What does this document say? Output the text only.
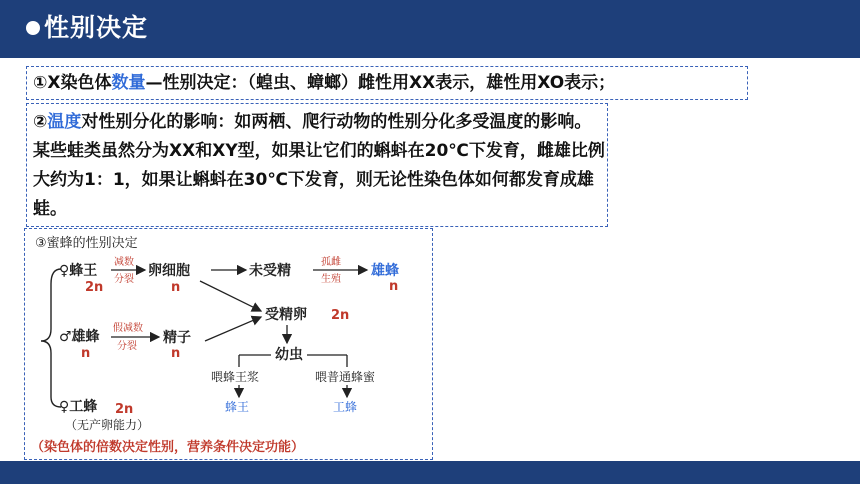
性别决定
①X染色体数量—性别决定：（蝗虫、蟑螂）雌性用XX表示，雄性用XO表示；
②温度对性别分化的影响：如两栖、爬行动物的性别分化多受温度的影响。某些蛙类虽然分为XX和XY型，如果让它们的蝌蚪在20℃下发育，雌雄比例大约为1：1，如果让蝌蚪在30℃下发育，则无论性染色体如何都发育成雄蛙。
③蜜蜂的性别决定
♀蜂王
2n
减数
分裂
卵细胞
n
未受精
孤雌
生殖
雄蜂
n
受精卵 2n
♂雄蜂
n
假减数
分裂
精子
n	幼虫
喂蜂王浆	喂普通蜂蜜
蜂王	工蜂
♀工蜂 2n
（无产卵能力）
（染色体的倍数决定性别，营养条件决定功能）
